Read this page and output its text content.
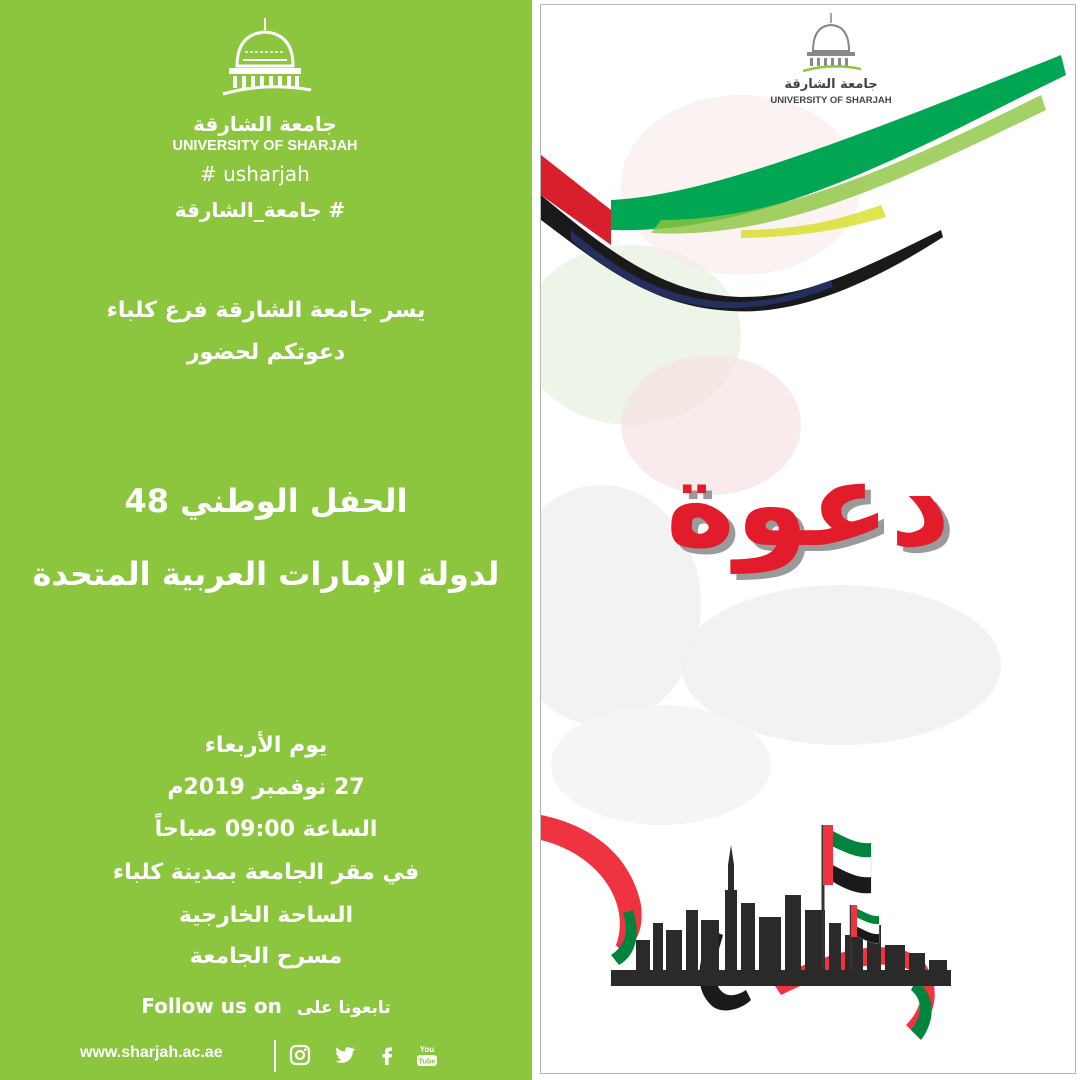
جامعة الشارقة
UNIVERSITY OF SHARJAH
# usharjah
# جامعة_الشارقة
يسر جامعة الشارقة فرع كلباء
دعوتكم لحضور
الحفل الوطني 48
لدولة الإمارات العربية المتحدة
يوم الأربعاء
27 نوفمبر 2019م
الساعة 09:00 صباحاً
في مقر الجامعة بمدينة كلباء
الساحة الخارجية
مسرح الجامعة
Follow us on تابعونا على
www.sharjah.ac.ae	You
Tube
جامعة الشارقة
UNIVERSITY OF SHARJAH
دعوة
